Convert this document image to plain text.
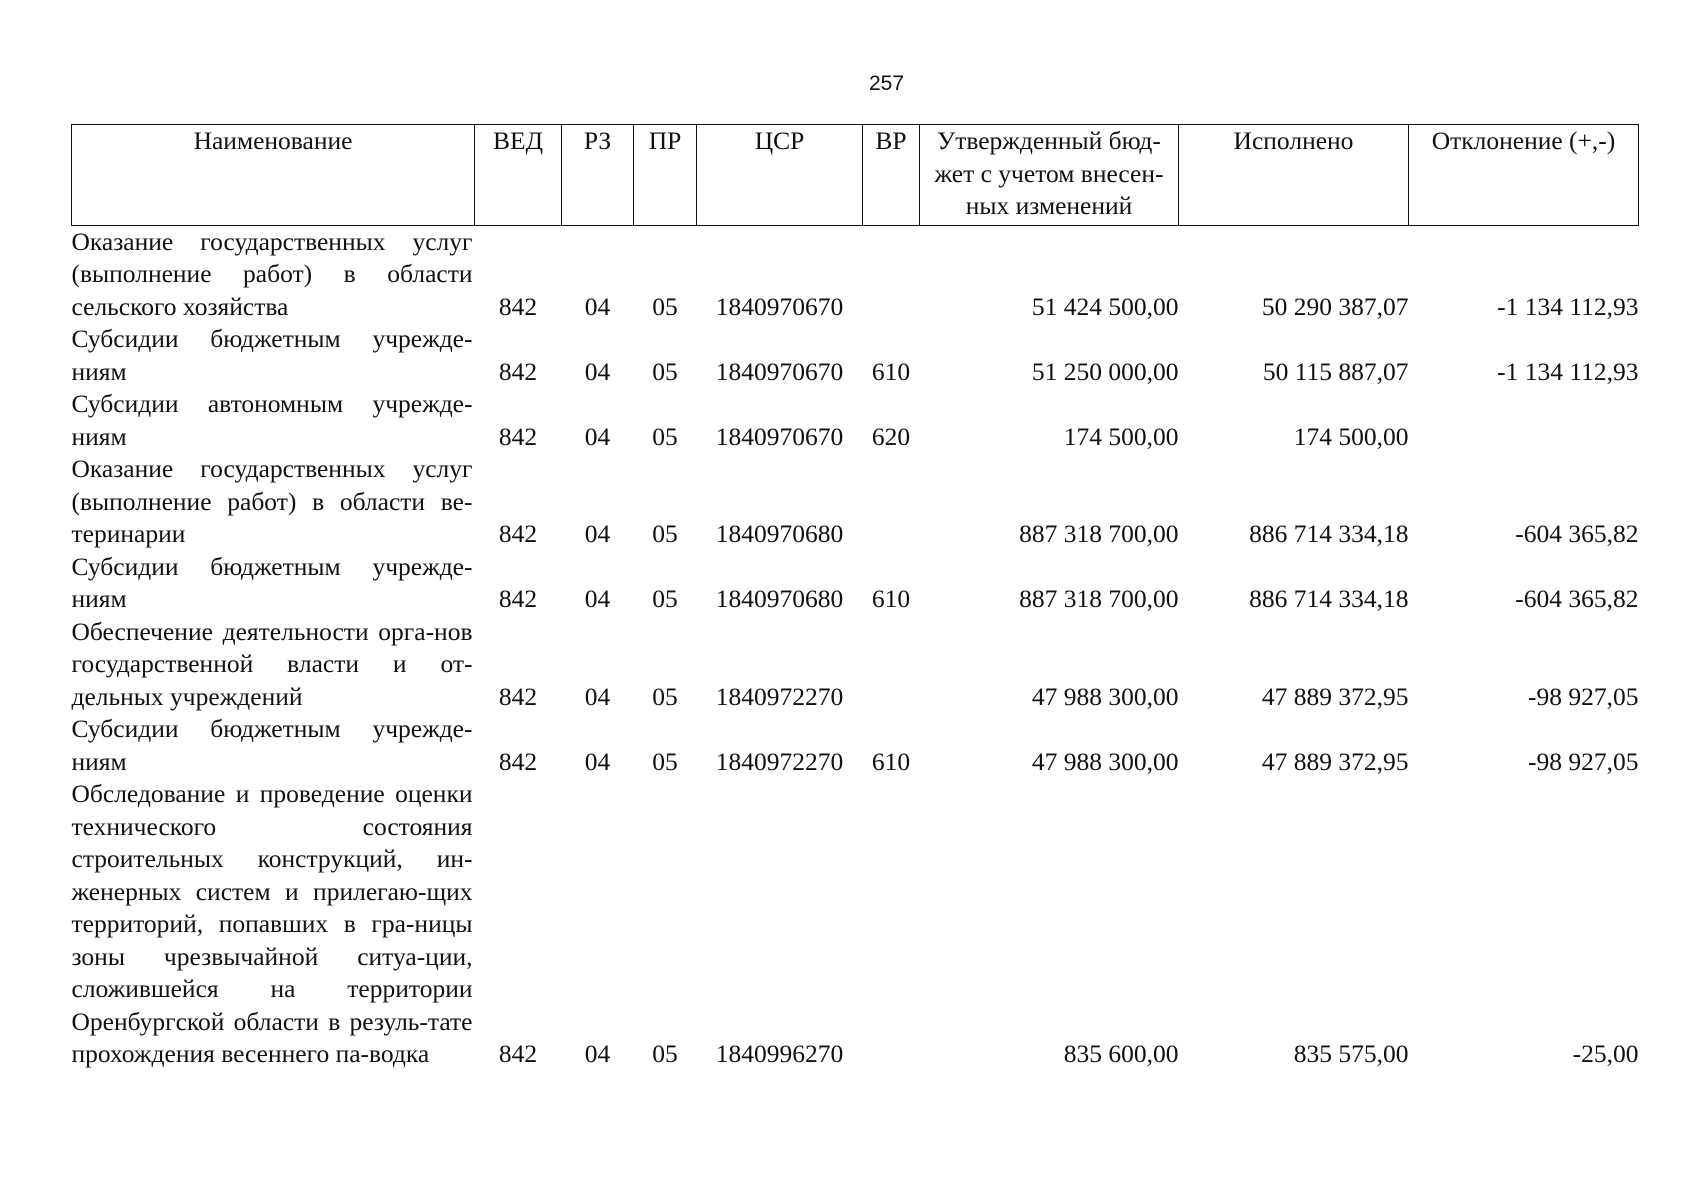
257
Наименование	ВЕД	РЗ	ПР	ЦСР	ВР	Утвержденный бюд-жет с учетом внесен-ных изменений	Исполнено	Отклонение (+,-)
Оказание государственных услуг (выполнение работ) в области сельского хозяйства	842	04	05	1840970670		51 424 500,00	50 290 387,07	-1 134 112,93
Субсидии бюджетным учрежде-ниям	842	04	05	1840970670	610	51 250 000,00	50 115 887,07	-1 134 112,93
Субсидии автономным учрежде-ниям	842	04	05	1840970670	620	174 500,00	174 500,00	
Оказание государственных услуг (выполнение работ) в области ве-теринарии	842	04	05	1840970680		887 318 700,00	886 714 334,18	-604 365,82
Субсидии бюджетным учрежде-ниям	842	04	05	1840970680	610	887 318 700,00	886 714 334,18	-604 365,82
Обеспечение деятельности орга-нов государственной власти и от-дельных учреждений	842	04	05	1840972270		47 988 300,00	47 889 372,95	-98 927,05
Субсидии бюджетным учрежде-ниям	842	04	05	1840972270	610	47 988 300,00	47 889 372,95	-98 927,05
Обследование и проведение оценки технического состояния строительных конструкций, ин-женерных систем и прилегаю-щих территорий, попавших в гра-ницы зоны чрезвычайной ситуа-ции, сложившейся на территории Оренбургской области в резуль-тате прохождения весеннего па-водка	842	04	05	1840996270		835 600,00	835 575,00	-25,00
